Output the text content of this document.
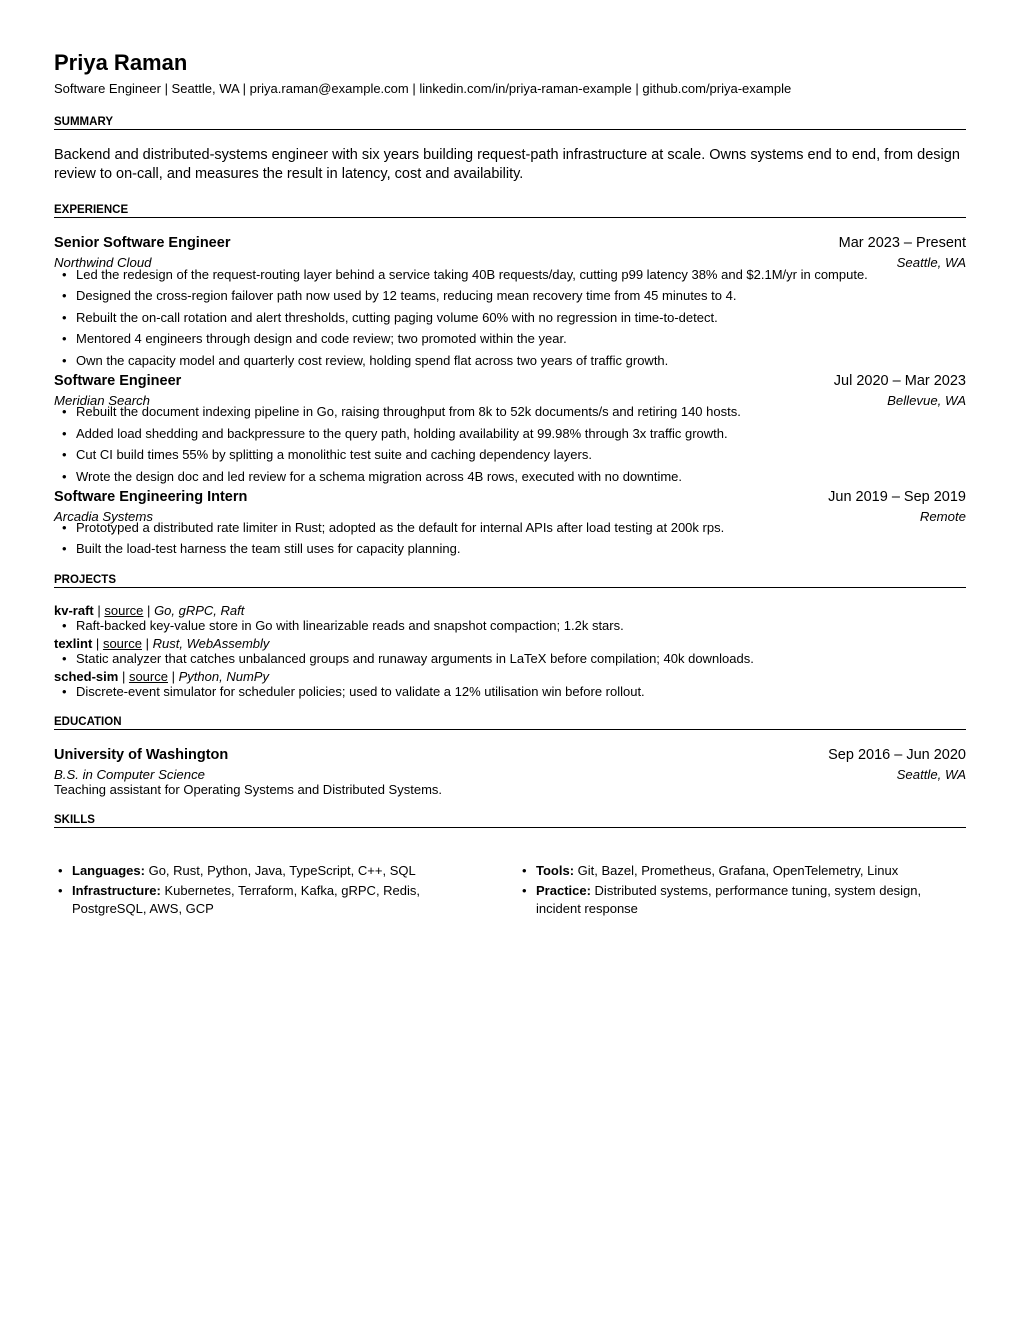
Priya Raman
Software Engineer | Seattle, WA | priya.raman@example.com | linkedin.com/in/priya-raman-example | github.com/priya-example
SUMMARY
Backend and distributed-systems engineer with six years building request-path infrastructure at scale. Owns systems end to end, from design review to on-call, and measures the result in latency, cost and availability.
EXPERIENCE
Senior Software Engineer	Mar 2023 – Present
Northwind Cloud	Seattle, WA
• Led the redesign of the request-routing layer behind a service taking 40B requests/day, cutting p99 latency 38% and $2.1M/yr in compute.
• Designed the cross-region failover path now used by 12 teams, reducing mean recovery time from 45 minutes to 4.
• Rebuilt the on-call rotation and alert thresholds, cutting paging volume 60% with no regression in time-to-detect.
• Mentored 4 engineers through design and code review; two promoted within the year.
• Own the capacity model and quarterly cost review, holding spend flat across two years of traffic growth.
Software Engineer	Jul 2020 – Mar 2023
Meridian Search	Bellevue, WA
• Rebuilt the document indexing pipeline in Go, raising throughput from 8k to 52k documents/s and retiring 140 hosts.
• Added load shedding and backpressure to the query path, holding availability at 99.98% through 3x traffic growth.
• Cut CI build times 55% by splitting a monolithic test suite and caching dependency layers.
• Wrote the design doc and led review for a schema migration across 4B rows, executed with no downtime.
Software Engineering Intern	Jun 2019 – Sep 2019
Arcadia Systems	Remote
• Prototyped a distributed rate limiter in Rust; adopted as the default for internal APIs after load testing at 200k rps.
• Built the load-test harness the team still uses for capacity planning.
PROJECTS
kv-raft | source | Go, gRPC, Raft
• Raft-backed key-value store in Go with linearizable reads and snapshot compaction; 1.2k stars.
texlint | source | Rust, WebAssembly
• Static analyzer that catches unbalanced groups and runaway arguments in LaTeX before compilation; 40k downloads.
sched-sim | source | Python, NumPy
• Discrete-event simulator for scheduler policies; used to validate a 12% utilisation win before rollout.
EDUCATION
University of Washington	Sep 2016 – Jun 2020
B.S. in Computer Science	Seattle, WA
Teaching assistant for Operating Systems and Distributed Systems.
SKILLS
• Languages: Go, Rust, Python, Java, TypeScript, C++, SQL
• Infrastructure: Kubernetes, Terraform, Kafka, gRPC, Redis, PostgreSQL, AWS, GCP
• Tools: Git, Bazel, Prometheus, Grafana, OpenTelemetry, Linux
• Practice: Distributed systems, performance tuning, system design, incident response
